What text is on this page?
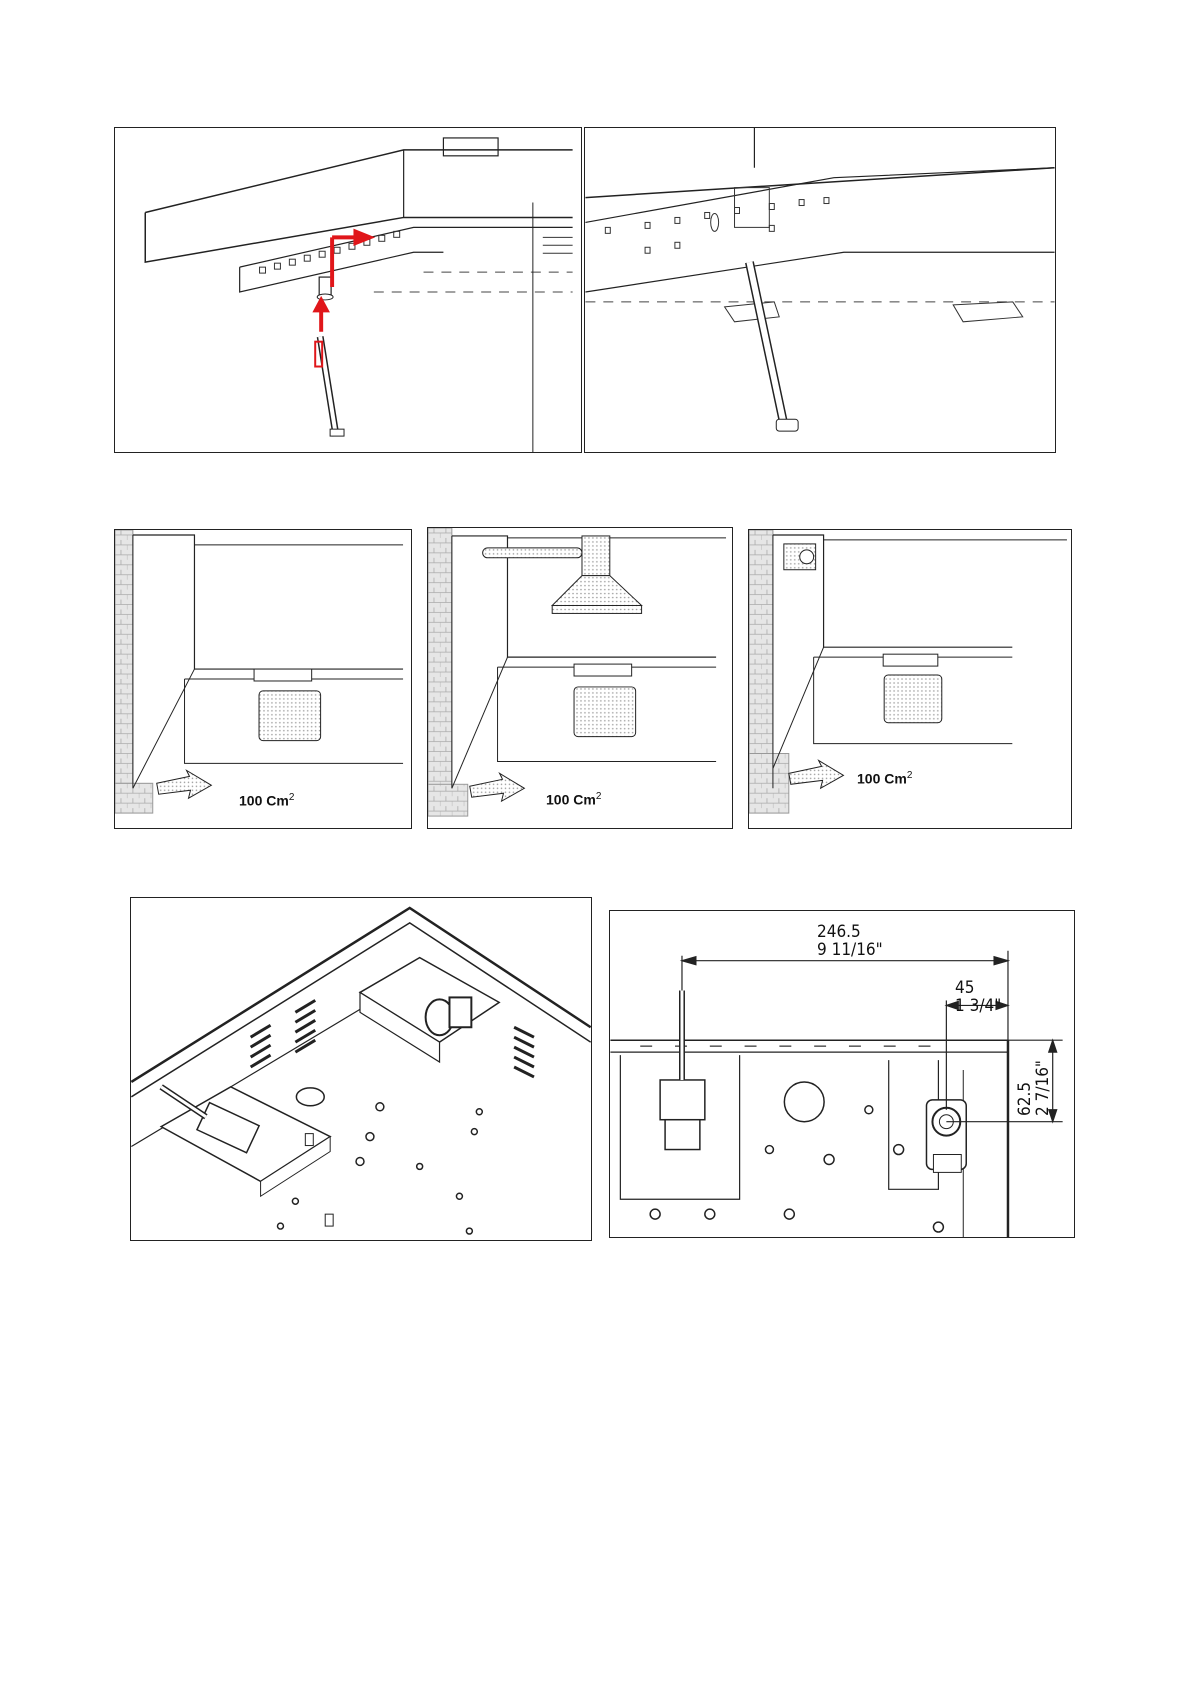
100 Cm$^2$	100 Cm$^2$
100 Cm$^2$
246.5
9 11/16"
45
1 3/4"
62.5
2 7/16"
